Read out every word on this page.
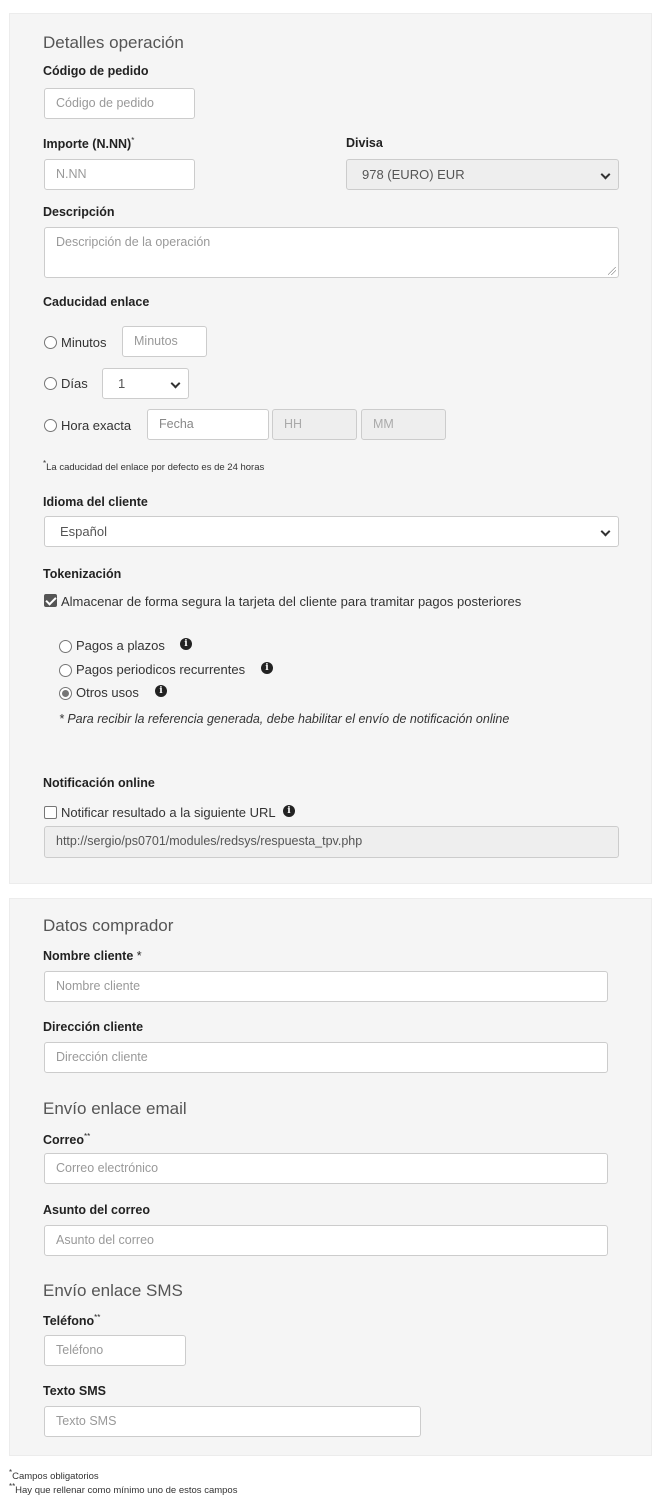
Detalles operación
Código de pedido
Código de pedido
Importe (N.NN)*
N.NN
Divisa
978 (EURO) EUR
Descripción
Descripción de la operación
Caducidad enlace
Minutos	Minutos
Días	1
Hora exacta	Fecha	HH	MM
*La caducidad del enlace por defecto es de 24 horas
Idioma del cliente
Español
Tokenización
Almacenar de forma segura la tarjeta del cliente para tramitar pagos posteriores
Pagos a plazos	i
Pagos periodicos recurrentes	i
Otros usos	i
* Para recibir la referencia generada, debe habilitar el envío de notificación online
Notificación online
Notificar resultado a la siguiente URL	i
http://sergio/ps0701/modules/redsys/respuesta_tpv.php
Datos comprador
Nombre cliente *
Nombre cliente
Dirección cliente
Dirección cliente
Envío enlace email
Correo**
Correo electrónico
Asunto del correo
Asunto del correo
Envío enlace SMS
Teléfono**
Teléfono
Texto SMS
Texto SMS
*Campos obligatorios
**Hay que rellenar como mínimo uno de estos campos
